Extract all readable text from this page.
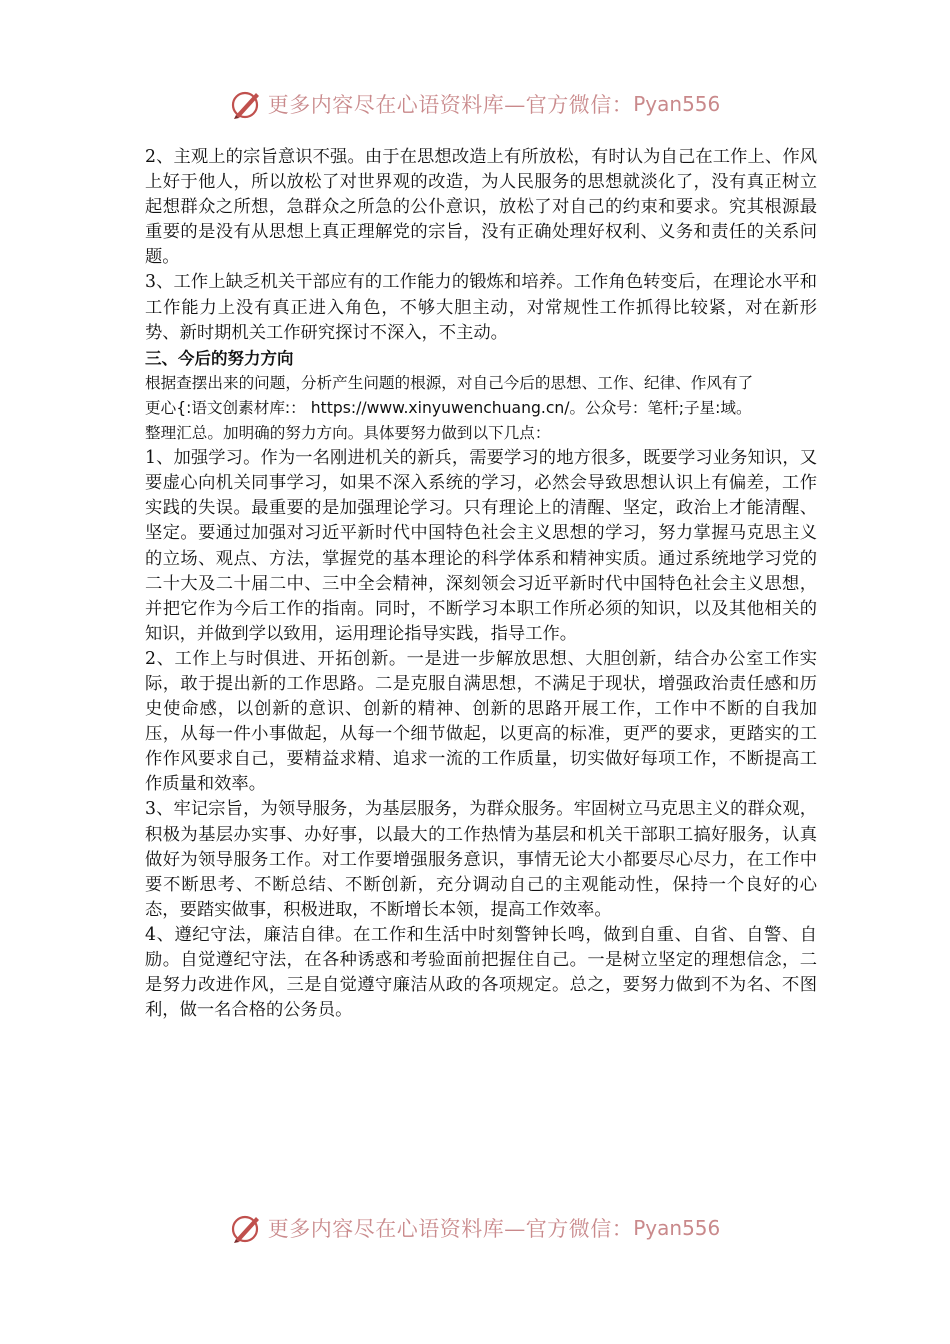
更多内容尽在心语资料库—官方微信： Pyan556

2、主观上的宗旨意识不强。由于在思想改造上有所放松，有时认为自己在工作上、作风上好于他人，所以放松了对世界观的改造，为人民服务的思想就淡化了，没有真正树立起想群众之所想，急群众之所急的公仆意识，放松了对自己的约束和要求。究其根源最重要的是没有从思想上真正理解党的宗旨，没有正确处理好权利、义务和责任的关系问题。

3、工作上缺乏机关干部应有的工作能力的锻炼和培养。工作角色转变后，在理论水平和工作能力上没有真正进入角色，不够大胆主动，对常规性工作抓得比较紧，对在新形势、新时期机关工作研究探讨不深入，不主动。

三、今后的努力方向

根据查摆出来的问题，分析产生问题的根源，对自己今后的思想、工作、纪律、作风有了

更心{:语文创素材库:： https://www.xinyuwenchuang.cn/。公众号：笔杆;子星:域。

整理汇总。加明确的努力方向。具体要努力做到以下几点：

1、加强学习。作为一名刚进机关的新兵，需要学习的地方很多，既要学习业务知识，又要虚心向机关同事学习，如果不深入系统的学习，必然会导致思想认识上有偏差，工作实践的失误。最重要的是加强理论学习。只有理论上的清醒、坚定，政治上才能清醒、坚定。要通过加强对习近平新时代中国特色社会主义思想的学习，努力掌握马克思主义的立场、观点、方法，掌握党的基本理论的科学体系和精神实质。通过系统地学习党的二十大及二十届二中、三中全会精神，深刻领会习近平新时代中国特色社会主义思想，并把它作为今后工作的指南。同时，不断学习本职工作所必须的知识，以及其他相关的知识，并做到学以致用，运用理论指导实践，指导工作。

2、工作上与时俱进、开拓创新。一是进一步解放思想、大胆创新，结合办公室工作实际，敢于提出新的工作思路。二是克服自满思想，不满足于现状，增强政治责任感和历史使命感，以创新的意识、创新的精神、创新的思路开展工作，工作中不断的自我加压，从每一件小事做起，从每一个细节做起，以更高的标准，更严的要求，更踏实的工作作风要求自己，要精益求精、追求一流的工作质量，切实做好每项工作，不断提高工作质量和效率。

3、牢记宗旨，为领导服务，为基层服务，为群众服务。牢固树立马克思主义的群众观，积极为基层办实事、办好事，以最大的工作热情为基层和机关干部职工搞好服务，认真做好为领导服务工作。对工作要增强服务意识，事情无论大小都要尽心尽力，在工作中要不断思考、不断总结、不断创新，充分调动自己的主观能动性，保持一个良好的心态，要踏实做事，积极进取，不断增长本领，提高工作效率。

4、遵纪守法，廉洁自律。在工作和生活中时刻警钟长鸣，做到自重、自省、自警、自励。自觉遵纪守法，在各种诱惑和考验面前把握住自己。一是树立坚定的理想信念，二是努力改进作风，三是自觉遵守廉洁从政的各项规定。总之，要努力做到不为名、不图利，做一名合格的公务员。

更多内容尽在心语资料库—官方微信： Pyan556
